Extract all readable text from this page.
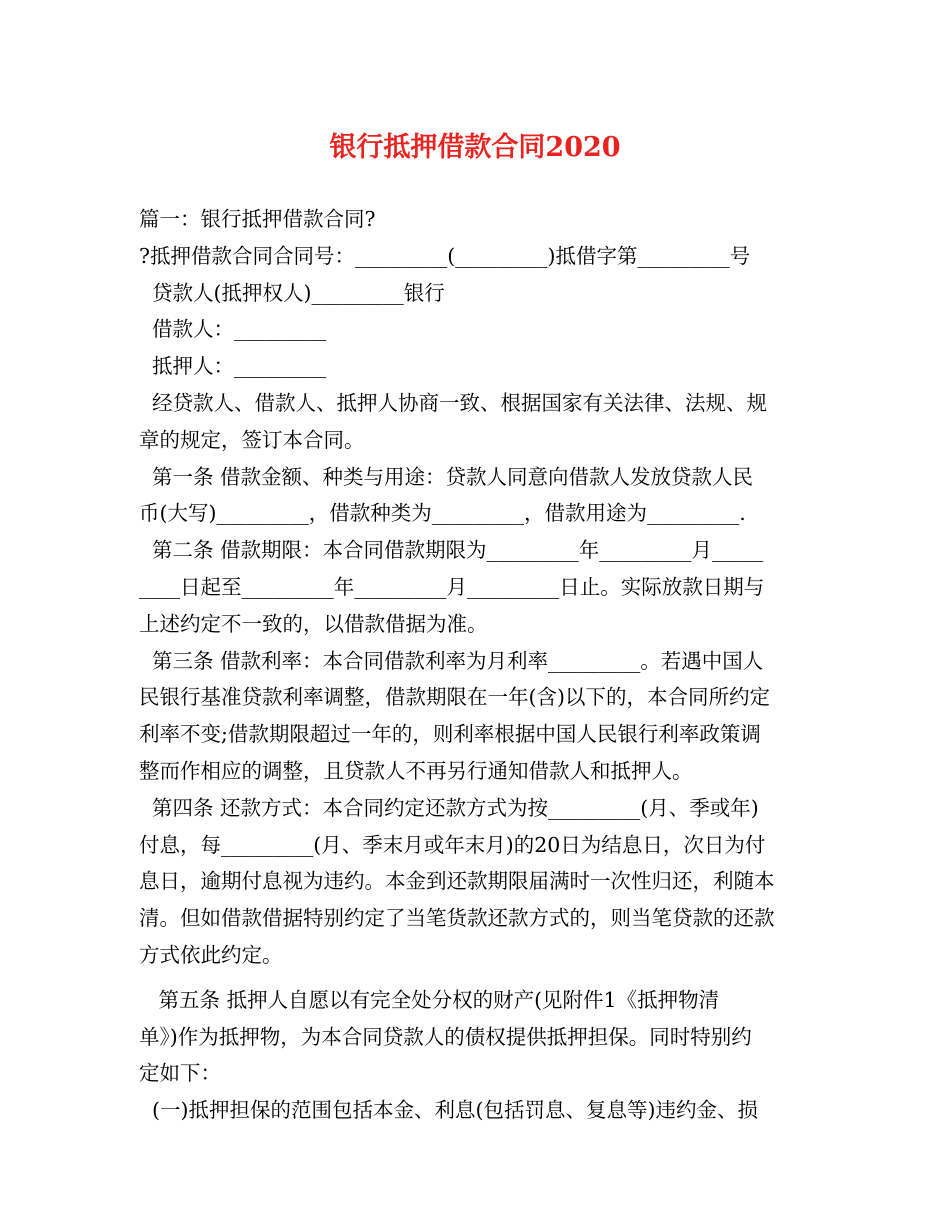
银行抵押借款合同2020
篇一：银行抵押借款合同?
?抵押借款合同合同号：_________(_________)抵借字第_________号
贷款人(抵押权人)_________银行
借款人：_________
抵押人：_________
经贷款人、借款人、抵押人协商一致、根据国家有关法律、法规、规
章的规定，签订本合同。
第一条 借款金额、种类与用途：贷款人同意向借款人发放贷款人民
币(大写)_________，借款种类为_________，借款用途为_________.
第二条 借款期限：本合同借款期限为_________年_________月_____
____日起至_________年_________月_________日止。实际放款日期与
上述约定不一致的，以借款借据为准。
第三条 借款利率：本合同借款利率为月利率_________。若遇中国人
民银行基准贷款利率调整，借款期限在一年(含)以下的，本合同所约定
利率不变;借款期限超过一年的，则利率根据中国人民银行利率政策调
整而作相应的调整，且贷款人不再另行通知借款人和抵押人。
第四条 还款方式：本合同约定还款方式为按_________(月、季或年)
付息，每_________(月、季末月或年末月)的20日为结息日，次日为付
息日，逾期付息视为违约。本金到还款期限届满时一次性归还，利随本
清。但如借款借据特别约定了当笔货款还款方式的，则当笔贷款的还款
方式依此约定。
第五条 抵押人自愿以有完全处分权的财产(见附件1《抵押物清
单》)作为抵押物，为本合同贷款人的债权提供抵押担保。同时特别约
定如下：
(一)抵押担保的范围包括本金、利息(包括罚息、复息等)违约金、损
